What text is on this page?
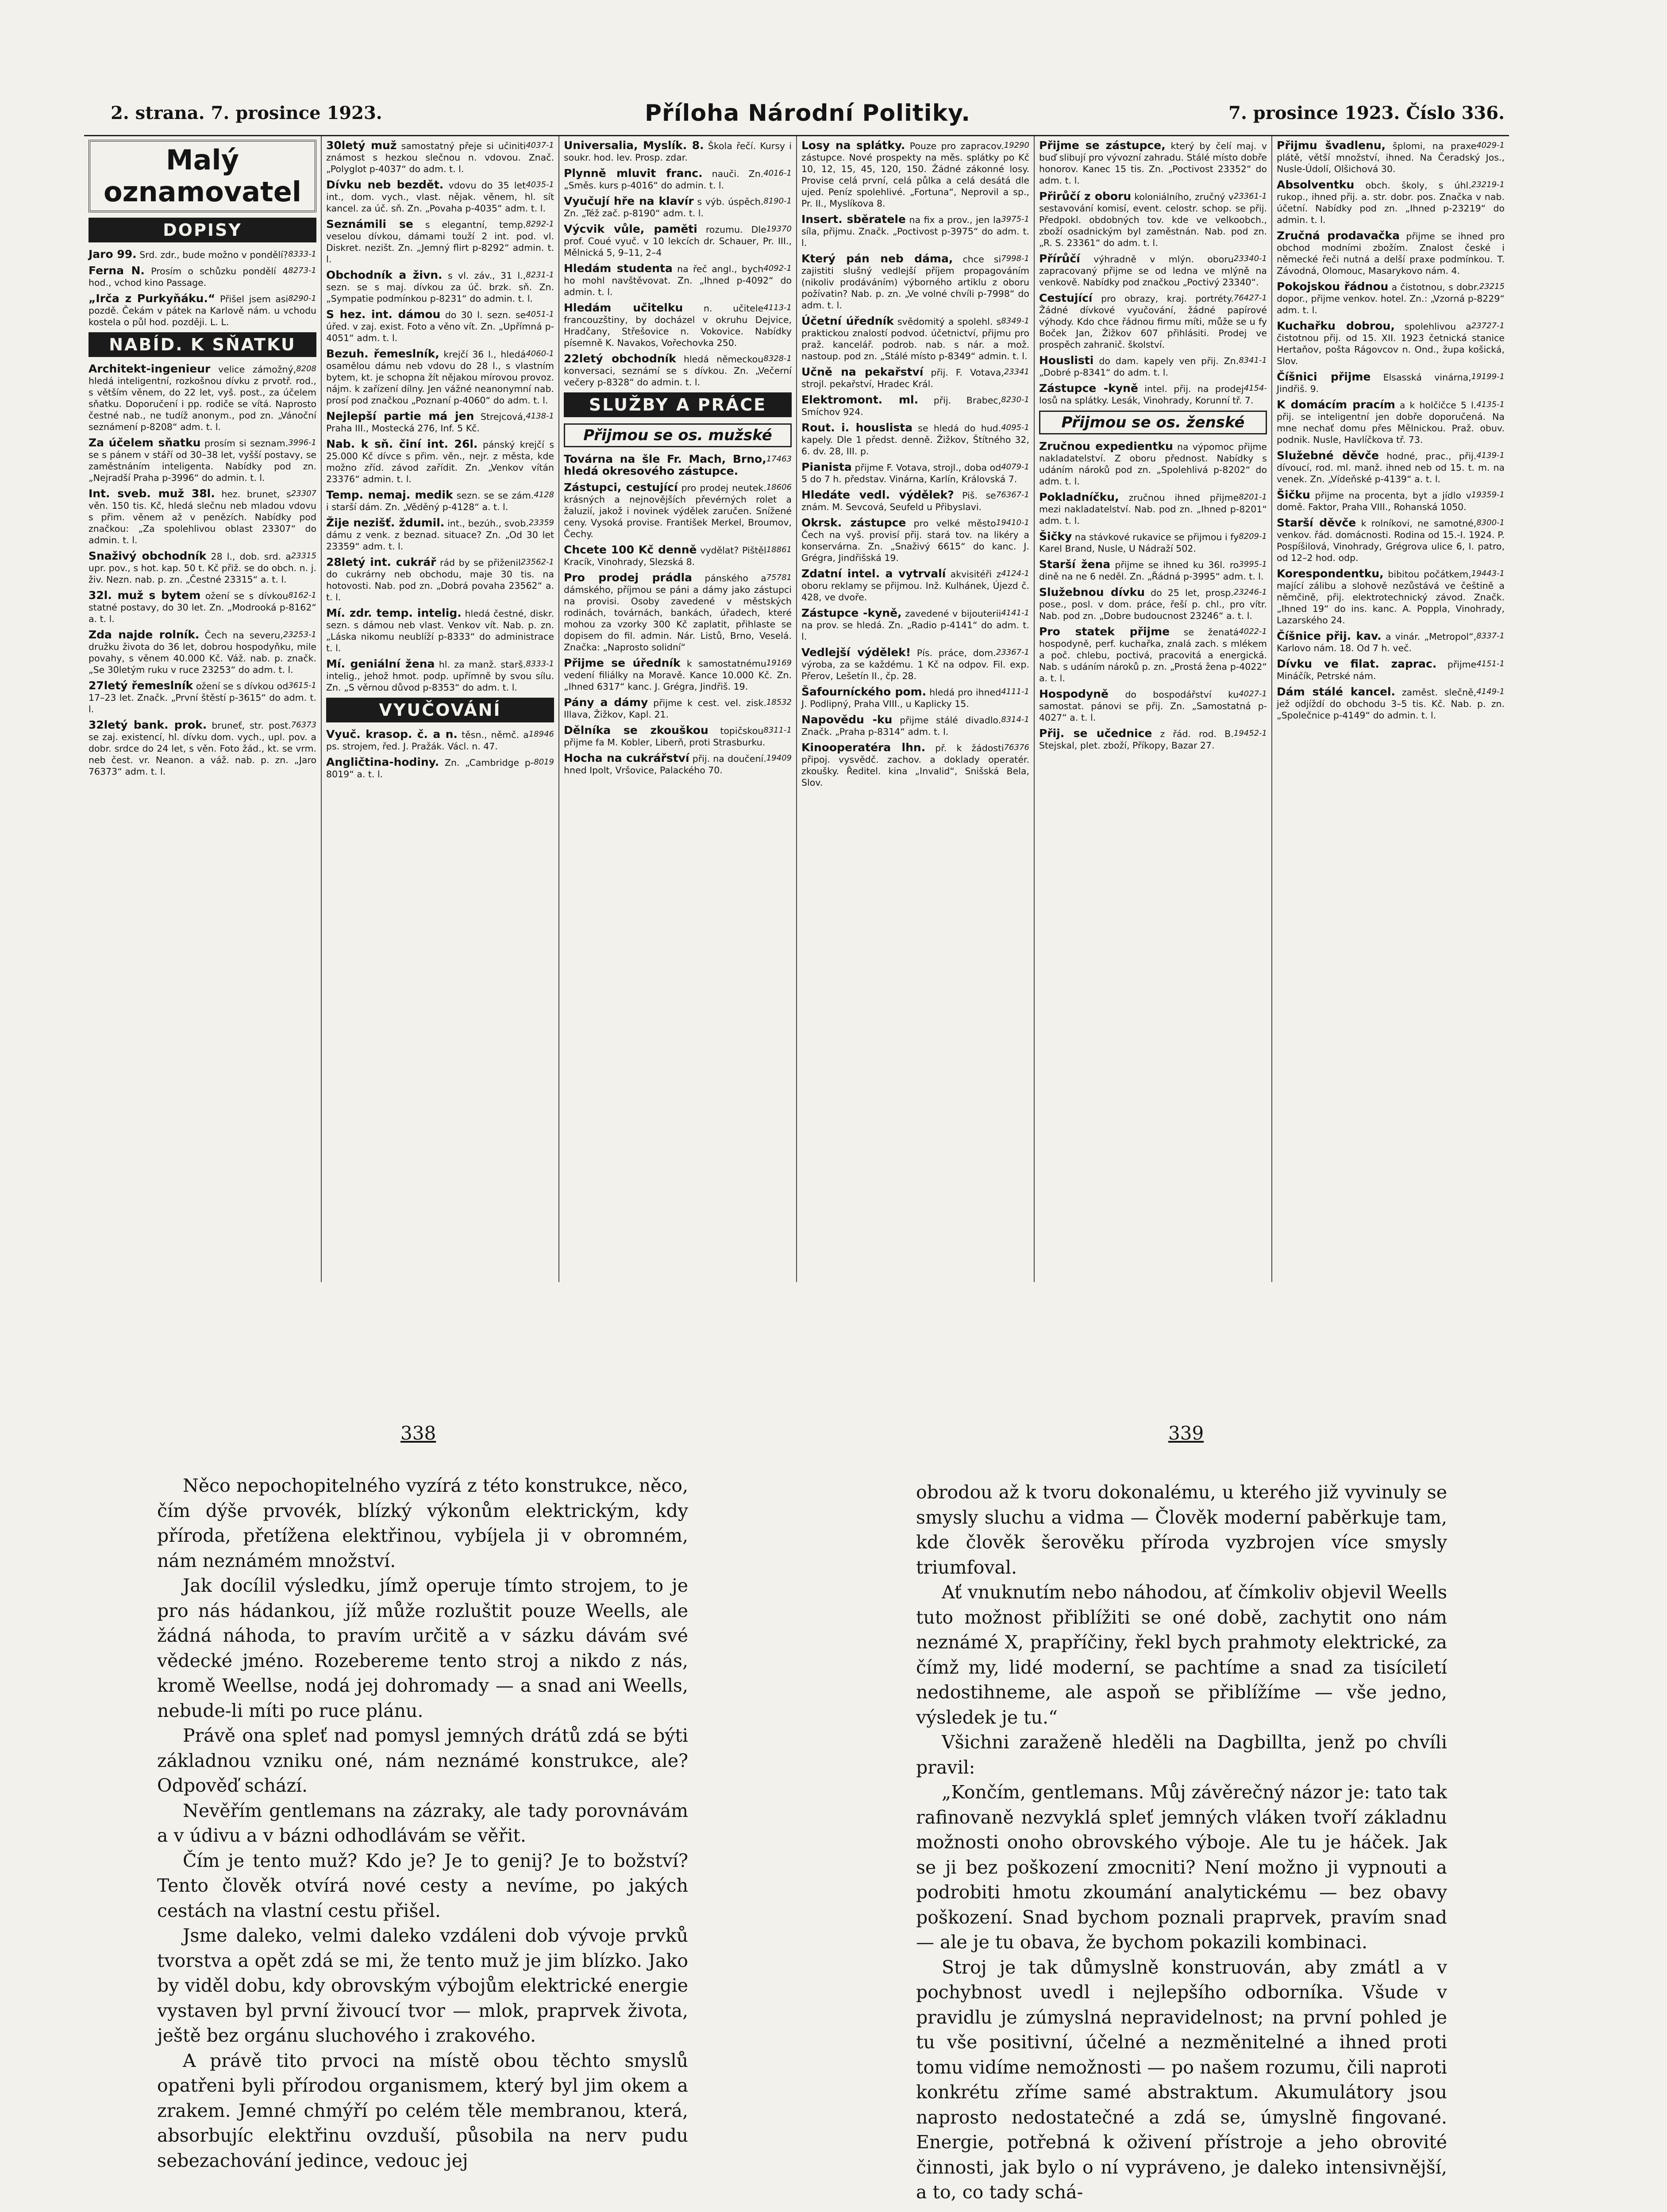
2. strana. 7. prosince 1923.	Příloha Národní Politiky.	7. prosince 1923. Číslo 336.
Malý
oznamovatel
DOPISY
8333-1
Jaro 99. Srd. zdr., bude možno v pondělí?
8273-1
Ferna N. Prosím o schůzku pondělí 4 hod., vchod kino Passage.
8290-1
„Irča z Purkyňáku.“ Přišel jsem asi pozdě. Čekám v pátek na Karlově nám. u vchodu kostela o půl hod. později. L. L.
NABÍD. K SŇATKU
8208
Architekt-ingenieur velice zámožný, hledá inteligentní, rozkošnou dívku z prvotř. rod., s větším věnem, do 22 let, vyš. post., za účelem sňatku. Doporučení i pp. rodiče se vítá. Naprosto čestné nab., ne tudíž anonym., pod zn. „Vánoční seznámení p-8208“ adm. t. l.
3996-1
Za účelem sňatku prosím si seznam. se s pánem v stáří od 30–38 let, vyšší postavy, se zaměstnáním inteligenta. Nabídky pod zn. „Nejradší Praha p-3996“ do admin. t. l.
23307
Int. sveb. muž 38l. hez. brunet, s věn. 150 tis. Kč, hledá slečnu neb mladou vdovu s přim. věnem až v penězích. Nabídky pod značkou: „Za spolehlivou oblast 23307“ do admin. t. l.
23315
Snaživý obchodník 28 l., dob. srd. a upr. pov., s hot. kap. 50 t. Kč přiž. se do obch. n. j. živ. Nezn. nab. p. zn. „Čestné 23315“ a. t. l.
8162-1
32l. muž s bytem ožení se s dívkou statné postavy, do 30 let. Zn. „Modrooká p-8162“ a. t. l.
23253-1
Zda najde rolník. Čech na severu, družku života do 36 let, dobrou hospodyňku, mile povahy, s věnem 40.000 Kč. Váž. nab. p. značk. „Se 30letým ruku v ruce 23253“ do adm. t. l.
3615-1
27letý řemeslník ožení se s dívkou od 17–23 let. Značk. „První štěstí p-3615“ do adm. t. l.
76373
32letý bank. prok. bruneť, str. post. se zaj. existencí, hl. dívku dom. vych., upl. pov. a dobr. srdce do 24 let, s věn. Foto žád., kt. se vrm. neb čest. vr. Neanon. a váž. nab. p. zn. „Jaro 76373“ adm. t. l.
4037-1
30letý muž samostatný přeje si učiniti známost s hezkou slečnou n. vdovou. Znač. „Polyglot p-4037“ do adm. t. l.
4035-1
Dívku neb bezdět. vdovu do 35 let int., dom. vych., vlast. nějak. věnem, hl. sít kancel. za úč. sň. Zn. „Povaha p-4035“ adm. t. l.
8292-1
Seznámili se s elegantní, temp. veselou dívkou, dámami touží 2 int. pod. vl. Diskret. nezišt. Zn. „Jemný flirt p-8292“ admin. t. l.
8231-1
Obchodník a živn. s vl. záv., 31 l., sezn. se s maj. dívkou za úč. brzk. sň. Zn. „Sympatie podmínkou p-8231“ do admin. t. l.
4051-1
S hez. int. dámou do 30 l. sezn. se úřed. v zaj. exist. Foto a věno vít. Zn. „Upřímná p-4051“ adm. t. l.
4060-1
Bezuh. řemeslník, krejčí 36 l., hledá osamělou dámu neb vdovu do 28 l., s vlastním bytem, kt. je schopna žít nějakou mírovou provoz. nájm. k zařízení dílny. Jen vážné neanonymní nab. prosí pod značkou „Poznaní p-4060“ do adm. t. l.
4138-1
Nejlepší partie má jen Strejcová, Praha III., Mostecká 276, Inf. 5 Kč.
Nab. k sň. činí int. 26l. pánský krejčí s 25.000 Kč dívce s přim. věn., nejr. z města, kde možno zříd. závod zařídit. Zn. „Venkov vítán 23376“ admin. t. l.
4128
Temp. nemaj. medik sezn. se se zám. i starší dám. Zn. „Věděný p-4128“ a. t. l.
23359
Žije nezišť. ždumil. int., bezúh., svob. dámu z venk. z beznad. situace? Zn. „Od 30 let 23359“ adm. t. l.
23562-1
28letý int. cukrář rád by se přiženil do cukrárny neb obchodu, maje 30 tis. na hotovosti. Nab. pod zn. „Dobrá povaha 23562“ a. t. l.
Mí. zdr. temp. intelig. hledá čestné, diskr. sezn. s dámou neb vlast. Venkov vít. Nab. p. zn. „Láska nikomu neublíží p-8333“ do administrace t. l.
8333-1
Mí. geniální žena hl. za manž. starš. intelig., jehož hmot. podp. upřímně by svou sílu. Zn. „S věrnou důvod p-8353“ do adm. t. l.
VYUČOVÁNÍ
18946
Vyuč. krasop. č. a n. těsn., němč. a ps. strojem, řed. J. Pražák. Václ. n. 47.
8019
Angličtina-hodiny. Zn. „Cambridge p-8019“ a. t. l.
Universalia, Myslík. 8. Škola řečí. Kursy i soukr. hod. lev. Prosp. zdar.
4016-1
Plynně mluvit franc. nauči. Zn. „Směs. kurs p-4016“ do admin. t. l.
8190-1
Vyučují hře na klavír s výb. úspěch. Zn. „Též zač. p-8190“ adm. t. l.
19370
Výcvik vůle, paměti rozumu. Dle prof. Coué vyuč. v 10 lekcích dr. Schauer, Pr. III., Mělnická 5, 9–11, 2–4
4092-1
Hledám studenta na řeč angl., bych ho mohl navštěvovat. Zn. „Ihned p-4092“ do admin. t. l.
4113-1
Hledám učitelku n. učitele francouzštiny, by docházel v okruhu Dejvice, Hradčany, Střešovice n. Vokovice. Nabídky písemně K. Navakos, Vořechovka 250.
8328-1
22letý obchodník hledá německou konversaci, seznámí se s dívkou. Zn. „Večerní večery p-8328“ do admin. t. l.
SLUŽBY A PRÁCE
Přijmou se os. mužské
17463
Továrna na šle Fr. Mach, Brno, hledá okresového zástupce.
18606
Zástupci, cestující pro prodej neutek. krásných a nejnovějších převérných rolet a žaluzií, jakož i novinek výdělek zaručen. Snížené ceny. Vysoká provise. František Merkel, Broumov, Čechy.
18861
Chcete 100 Kč denně vydělat? Pištěl Kracík, Vinohrady, Slezská 8.
75781
Pro prodej prádla pánského a dámského, příjmou se páni a dámy jako zástupci na provisi. Osoby zavedené v městských rodinách, továrnách, bankách, úřadech, které mohou za vzorky 300 Kč zaplatit, přihlaste se dopisem do fil. admin. Nár. Listů, Brno, Veselá. Značka: „Naprosto solidní“
19169
Přijme se úředník k samostatnému vedení filiálky na Moravě. Kance 10.000 Kč. Zn. „Ihned 6317“ kanc. J. Grégra, Jindřiš. 19.
18532
Pány a dámy přijme k cest. vel. zisk. Illava, Žižkov, Kapl. 21.
8311-1
Dělníka se zkouškou topičskou přijme fa M. Kobler, Liberň, proti Strasburku.
19409
Hocha na cukrářství přij. na doučení. hned Ipolt, Vršovice, Palackého 70.
19290
Losy na splátky. Pouze pro zapracov. zástupce. Nové prospekty na měs. splátky po Kč 10, 12, 15, 45, 120, 150. Žádné zákonné losy. Provise celá první, celá půlka a celá desátá dle ujed. Peníz spolehlivé. „Fortuna“, Neprovil a sp., Pr. II., Myslíkova 8.
3975-1
Insert. sběratele na fix a prov., jen la síla, přijmu. Značk. „Poctivost p-3975“ do adm. t. l.
7998-1
Který pán neb dáma, chce si zajistiti slušný vedlejší příjem propagováním (nikoliv prodáváním) výborného artiklu z oboru požívatin? Nab. p. zn. „Ve volné chvíli p-7998“ do adm. t. l.
8349-1
Účetní úředník svědomitý a spolehl. s praktickou znalostí podvod. účetnictví, přijmu pro praž. kancelář. podrob. nab. s nár. a mož. nastoup. pod zn. „Stálé místo p-8349“ admin. t. l.
23341
Učně na pekařství přij. F. Votava, strojl. pekařství, Hradec Král.
8230-1
Elektromont. ml. přij. Brabec, Smíchov 924.
4095-1
Rout. i. houslista se hledá do hud. kapely. Dle 1 předst. denně. Žižkov, Štítného 32, 6. dv. 28, III. p.
4079-1
Pianista přijme F. Votava, strojl., doba od 5 do 7 h. představ. Vinárna, Karlín, Královská 7.
76367-1
Hledáte vedl. výdělek? Piš. se znám. M. Sevcová, Seufeld u Přibyslavi.
19410-1
Okrsk. zástupce pro velké město Čech na vyš. provisí přij. stará tov. na likéry a konservárna. Zn. „Snaživý 6615“ do kanc. J. Grégra, Jindřišská 19.
4124-1
Zdatní intel. a vytrvalí akvisitéři z oboru reklamy se přijmou. Inž. Kulhánek, Újezd č. 428, ve dvoře.
4141-1
Zástupce -kyně, zavedené v bijouterii na prov. se hledá. Zn. „Radio p-4141“ do adm. t. l.
23367-1
Vedlejší výdělek! Pís. práce, dom. výroba, za se každému. 1 Kč na odpov. Fil. exp. Přerov, Lešetín II., čp. 28.
4111-1
Šafourníckého pom. hledá pro ihned J. Podlipný, Praha VIII., u Kaplicky 15.
8314-1
Napovědu -ku přijme stálé divadlo. Značk. „Praha p-8314“ adm. t. l.
76376
Kinooperatéra lhn. př. k žádosti připoj. vysvědč. zachov. a doklady operatér. zkoušky. Ředitel. kina „Invalid“, Snišská Bela, Slov.
Přijme se zástupce, který by čelí maj. v buď slibují pro vývozní zahradu. Stálé místo dobře honorov. Kanec 15 tis. Zn. „Poctivost 23352“ do adm. t. l.
23361-1
Přirůčí z oboru koloniálního, zručný v sestavování komisí, event. celostr. schop. se přij. Předpokl. obdobných tov. kde ve velkoobch., zboží osadnickým byl zaměstnán. Nab. pod zn. „R. S. 23361“ do adm. t. l.
23340-1
Přírůčí výhradně v mlýn. oboru zapracovaný přijme se od ledna ve mlýně na venkově. Nabídky pod značkou „Poctivý 23340“.
76427-1
Cestující pro obrazy, kraj. portréty. Žádné dívkové vyučování, žádné papírové výhody. Kdo chce řádnou firmu míti, může se u fy Boček Jan, Žižkov 607 přihlásiti. Prodej ve prospěch zahranič. školství.
8341-1
Houslisti do dam. kapely ven přij. Zn. „Dobré p-8341“ do adm. t. l.
4154-
Zástupce -kyně intel. přij. na prodej losů na splátky. Lesák, Vinohrady, Korunní tř. 7.
Přijmou se os. ženské
Zručnou expedientku na výpomoc přijme nakladatelství. Z oboru přednost. Nabídky s udáním nároků pod zn. „Spolehlivá p-8202“ do adm. t. l.
8201-1
Pokladníčku, zručnou ihned přijme mezi nakladatelství. Nab. pod zn. „Ihned p-8201“ adm. t. l.
8209-1
Šičky na stávkové rukavice se přijmou i fy Karel Brand, Nusle, U Nádraží 502.
3995-1
Starší žena přijme se ihned ku 36l. ro dině na ne 6 neděl. Zn. „Řádná p-3995“ adm. t. l.
23246-1
Služebnou dívku do 25 let, prosp. pose., posl. v dom. práce, řeší p. chl., pro vítr. Nab. pod zn. „Dobre budoucnost 23246“ a. t. l.
4022-1
Pro statek přijme se ženatá hospodyně, perf. kuchařka, znalá zach. s mlékem a poč. chlebu, poctivá, pracovitá a energická. Nab. s udáním nároků p. zn. „Prostá žena p-4022“ a. t. l.
4027-1
Hospodyně do bospodářství ku samostat. pánovi se přij. Zn. „Samostatná p-4027“ a. t. l.
19452-1
Přij. se učednice z řád. rod. B. Stejskal, plet. zboží, Příkopy, Bazar 27.
4029-1
Přijmu švadlenu, šplomi, na praxe plátě, větší množství, ihned. Na Čeradský Jos., Nusle-Údolí, Olšichová 30.
23219-1
Absolventku obch. školy, s úhl. rukop., ihned přij. a. str. dobr. pos. Značka v nab. účetní. Nabídky pod zn. „Ihned p-23219“ do admin. t. l.
Zručná prodavačka přijme se ihned pro obchod modními zbožím. Znalost české i německé řeči nutná a delší praxe podmínkou. T. Závodná, Olomouc, Masarykovo nám. 4.
23215
Pokojskou řádnou a čistotnou, s dobr. dopor., přijme venkov. hotel. Zn.: „Vzorná p-8229“ adm. t. l.
23727-1
Kuchařku dobrou, spolehlivou a čistotnou přij. od 15. XII. 1923 četnická stanice Hertaňov, pošta Rágovcov n. Ond., župa košická, Slov.
19199-1
Číšnici přijme Elsasská vinárna, Jindřiš. 9.
4135-1
K domácím pracím a k holčičce 5 l. přij. se inteligentní jen dobře doporučená. Na mne nechať domu přes Mělnickou. Praž. obuv. podnik. Nusle, Havlíčkova tř. 73.
4139-1
Služebné děvče hodné, prac., přij. dívoucí, rod. ml. manž. ihned neb od 15. t. m. na venek. Zn. „Vídeňské p-4139“ a. t. l.
19359-1
Šičku přijme na procenta, byt a jídlo v domě. Faktor, Praha VIII., Rohanská 1050.
8300-1
Starší děvče k rolníkovi, ne samotné, venkov. řád. domácnosti. Rodina od 15.-I. 1924. P. Pospíšilová, Vinohrady, Grégrova ulice 6, I. patro, od 12–2 hod. odp.
19443-1
Korespondentku, bibitou počátkem, mající zálibu a slohově nezůstává ve češtině a němčině, přij. elektrotechnický závod. Značk. „Ihned 19“ do ins. kanc. A. Poppla, Vinohrady, Lazarského 24.
8337-1
Číšnice přij. kav. a vinár. „Metropol“, Karlovo nám. 18. Od 7 h. več.
4151-1
Dívku ve filat. zaprac. přijme Mináčík, Petrské nám.
4149-1
Dám stálé kancel. zaměst. slečně, jež odjíždí do obchodu 3–5 tis. Kč. Nab. p. zn. „Společnice p-4149“ do admin. t. l.
338	339

Něco nepochopitelného vyzírá z této konstrukce, něco, čím dýše prvovék, blízký výkonům elektrickým, kdy příroda, přetížena elektřinou, vybíjela ji v obromném, nám neznámém množství.

Jak docílil výsledku, jímž operuje tímto strojem, to je pro nás hádankou, jíž může rozluštit pouze Weells, ale žádná náhoda, to pravím určitě a v sázku dávám své vědecké jméno. Rozebereme tento stroj a nikdo z nás, kromě Weellse, nodá jej dohromady — a snad ani Weells, nebude-li míti po ruce plánu.

Právě ona spleť nad pomysl jemných drátů zdá se býti základnou vzniku oné, nám neznámé konstrukce, ale? Odpověď schází.

Nevěřím gentlemans na zázraky, ale tady porovnávám a v údivu a v bázni odhodlávám se věřit.

Čím je tento muž? Kdo je? Je to genij? Je to božství? Tento člověk otvírá nové cesty a nevíme, po jakých cestách na vlastní cestu přišel.

Jsme daleko, velmi daleko vzdáleni dob vývoje prvků tvorstva a opět zdá se mi, že tento muž je jim blízko. Jako by viděl dobu, kdy obrovským výbojům elektrické energie vystaven byl první živoucí tvor — mlok, praprvek života, ještě bez orgánu sluchového i zrakového.

A právě tito prvoci na místě obou těchto smyslů opatřeni byli přírodou organismem, který byl jim okem a zrakem. Jemné chmýří po celém těle membranou, která, absorbujíc elektřinu ovzduší, působila na nerv pudu sebezachování jedince, vedouc jej

obrodou až k tvoru dokonalému, u kterého již vyvinuly se smysly sluchu a vidma — Člověk moderní paběrkuje tam, kde člověk šerověku příroda vyzbrojen více smysly triumfoval.

Ať vnuknutím nebo náhodou, ať čímkoliv objevil Weells tuto možnost přiblížiti se oné době, zachytit ono nám neznámé X, prapříčiny, řekl bych prahmoty elektrické, za čímž my, lidé moderní, se pachtíme a snad za tisíciletí nedostihneme, ale aspoň se přiblížíme — vše jedno, výsledek je tu.“

Všichni zaraženě hleděli na Dagbillta, jenž po chvíli pravil:

„Končím, gentlemans. Můj závěrečný názor je: tato tak rafinovaně nezvyklá spleť jemných vláken tvoří základnu možnosti onoho obrovského výboje. Ale tu je háček. Jak se ji bez poškození zmocniti? Není možno ji vypnouti a podrobiti hmotu zkoumání analytickému — bez obavy poškození. Snad bychom poznali praprvek, pravím snad — ale je tu obava, že bychom pokazili kombinaci.

Stroj je tak důmyslně konstruován, aby zmátl a v pochybnost uvedl i nejlepšího odborníka. Všude v pravidlu je zúmyslná nepravidelnost; na první pohled je tu vše positivní, účelné a nezměnitelné a ihned proti tomu vidíme nemožnosti — po našem rozumu, čili naproti konkrétu zříme samé abstraktum. Akumulátory jsou naprosto nedostatečné a zdá se, úmyslně fingované. Energie, potřebná k oživení přístroje a jeho obrovité činnosti, jak bylo o ní vypráveno, je daleko intensivnější, a to, co tady schá-
